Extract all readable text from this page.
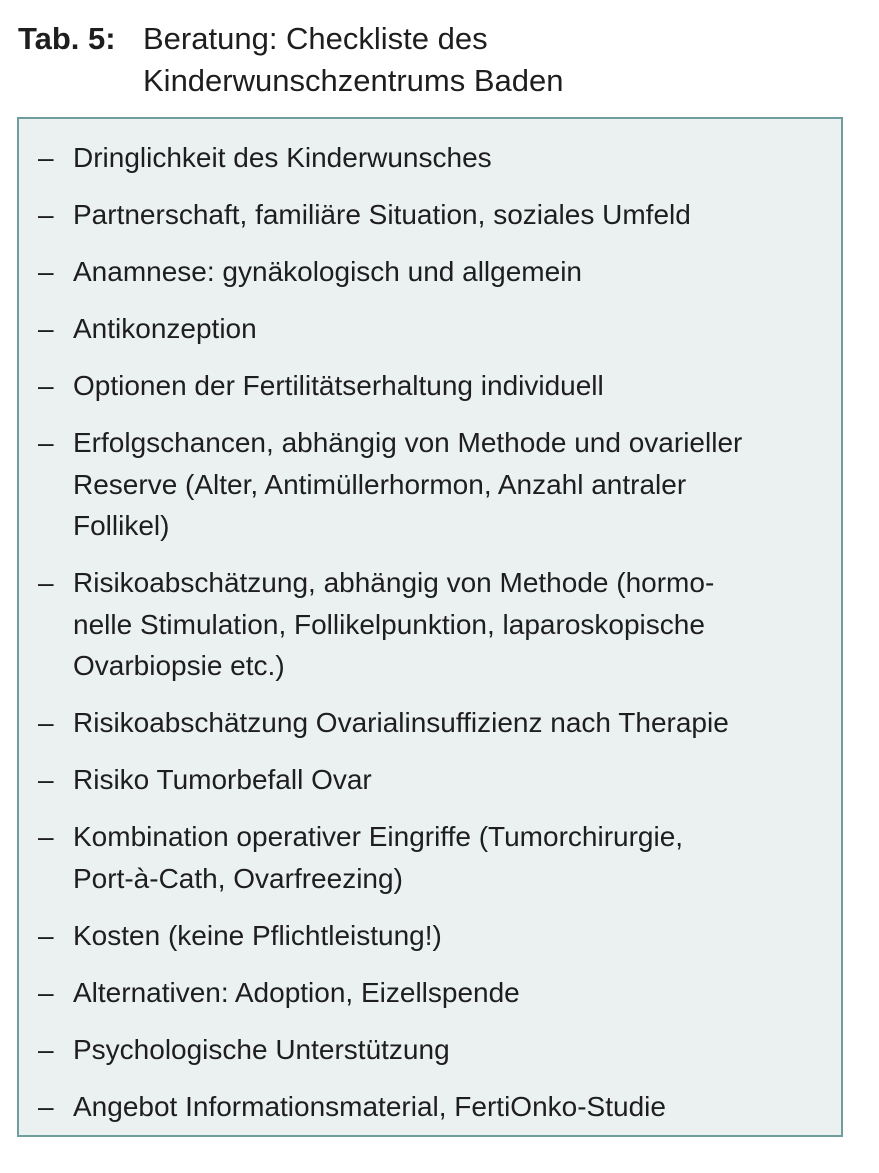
Tab. 5: Beratung: Checkliste des
Kinderwunschzentrums Baden
– Dringlichkeit des Kinderwunsches
– Partnerschaft, familiäre Situation, soziales Umfeld
– Anamnese: gynäkologisch und allgemein
– Antikonzeption
– Optionen der Fertilitätserhaltung individuell
– Erfolgschancen, abhängig von Methode und ovarieller
Reserve (Alter, Antimüllerhormon, Anzahl antraler
Follikel)
– Risikoabschätzung, abhängig von Methode (hormo-
nelle Stimulation, Follikelpunktion, laparoskopische
Ovarbiopsie etc.)
– Risikoabschätzung Ovarialinsuffizienz nach Therapie
– Risiko Tumorbefall Ovar
– Kombination operativer Eingriffe (Tumorchirurgie,
Port-à-Cath, Ovarfreezing)
– Kosten (keine Pflichtleistung!)
– Alternativen: Adoption, Eizellspende
– Psychologische Unterstützung
– Angebot Informationsmaterial, FertiOnko-Studie
